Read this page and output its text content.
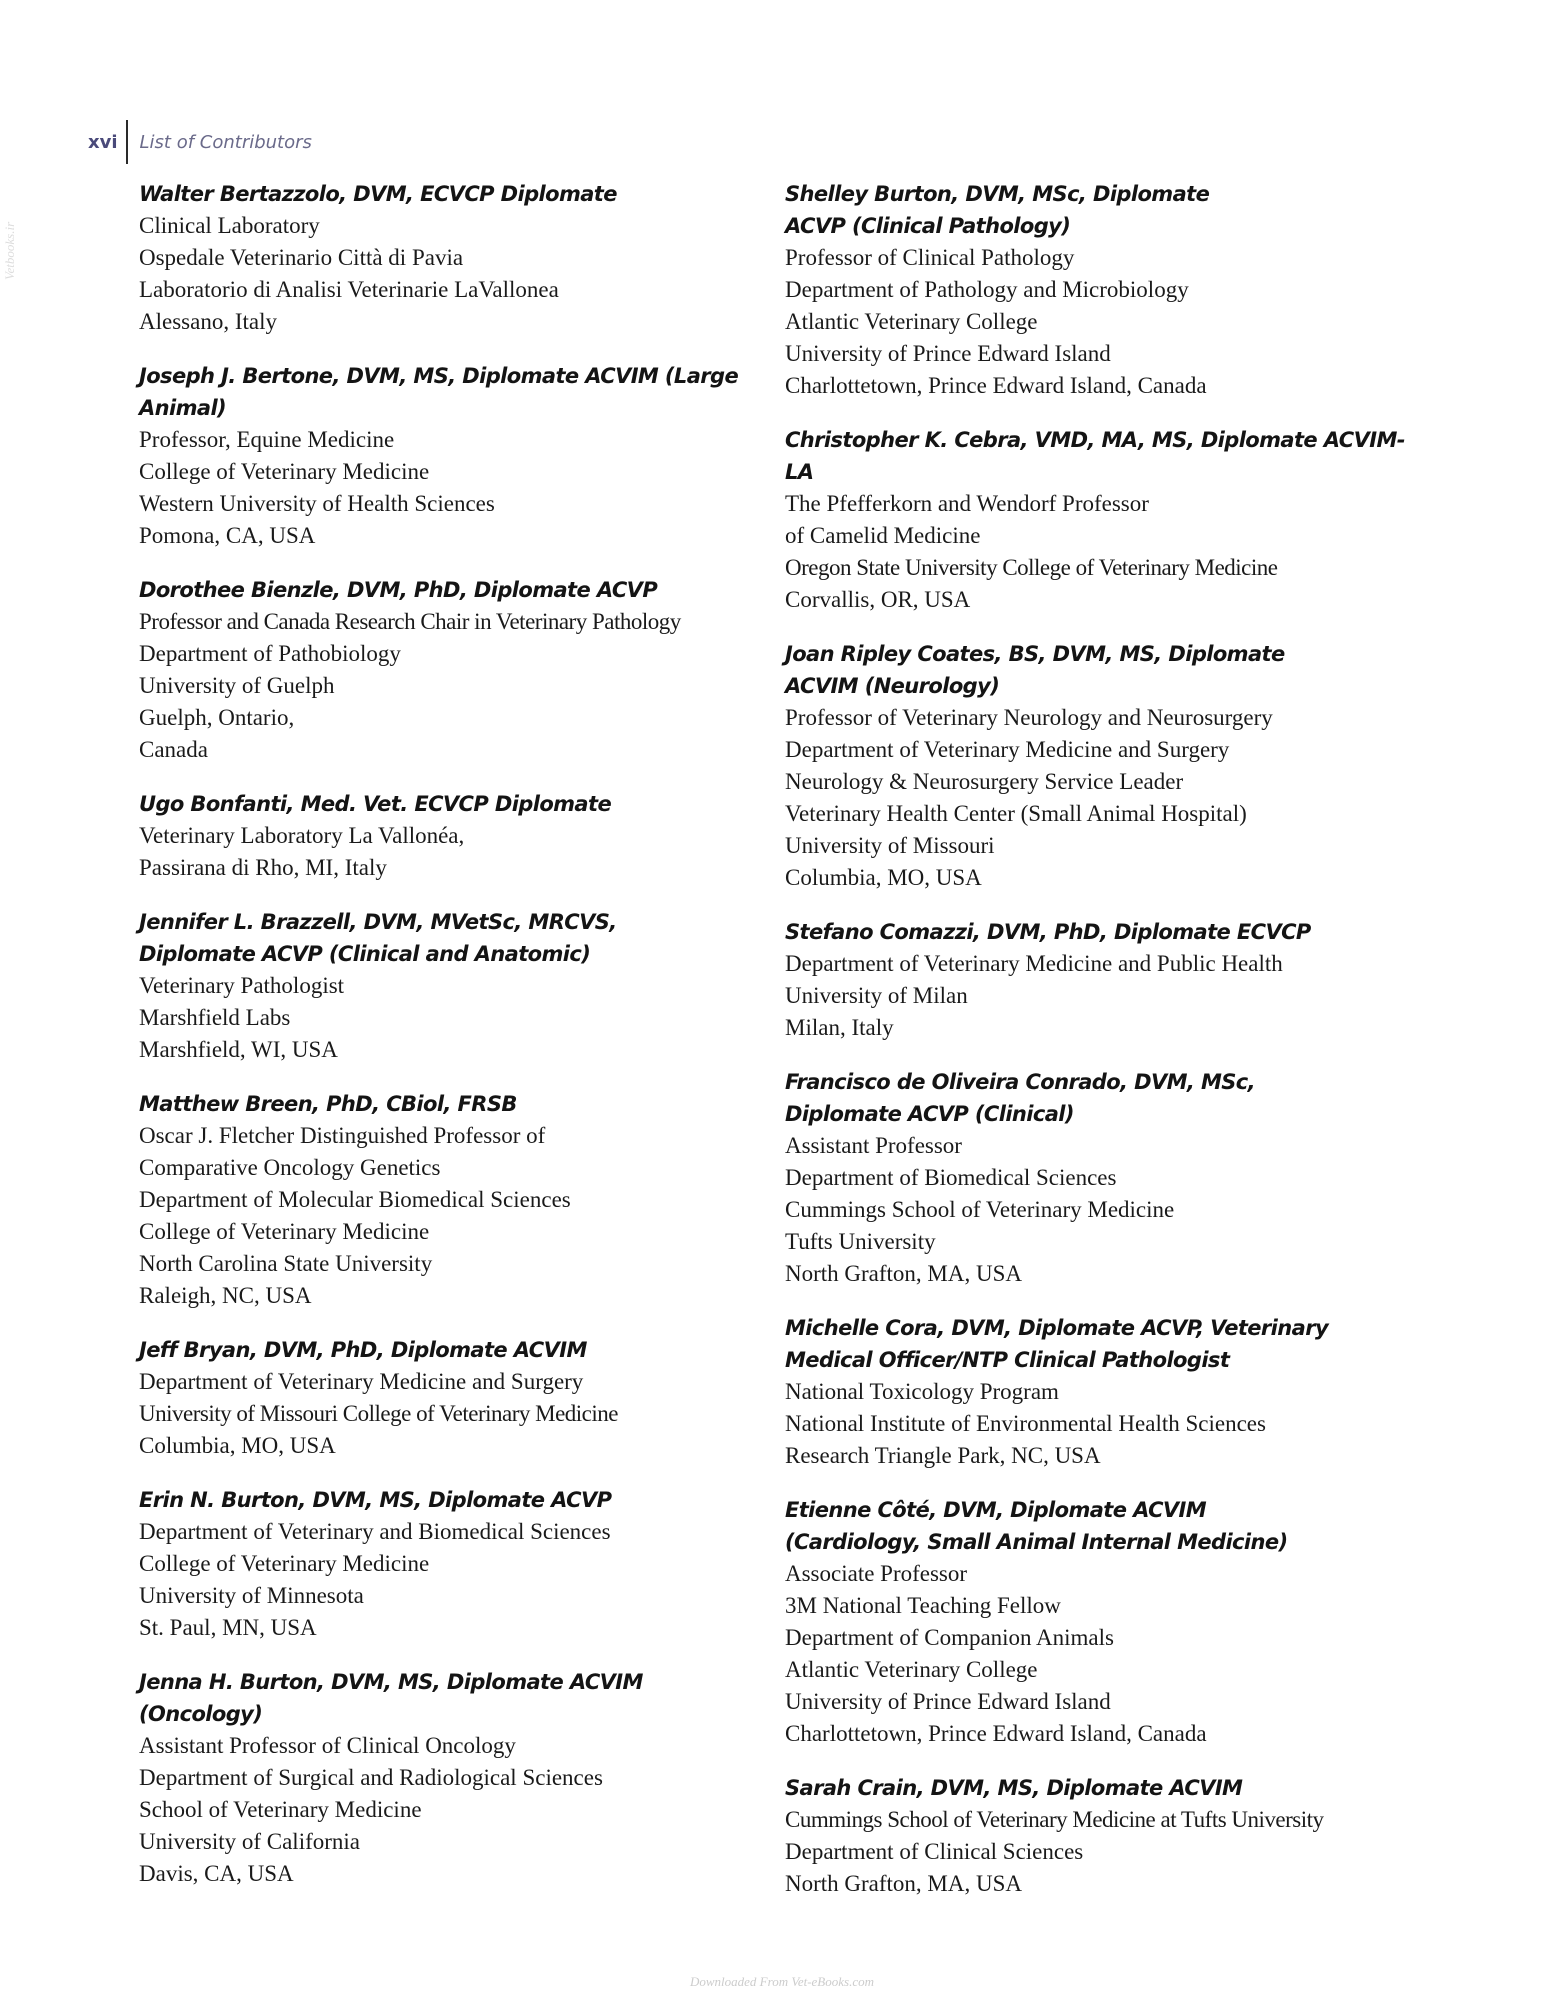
xvi	List of Contributors
Vetbooks.ir
Walter Bertazzolo, DVM, ECVCP Diplomate
Clinical Laboratory
Ospedale Veterinario Città di Pavia
Laboratorio di Analisi Veterinarie LaVallonea
Alessano, Italy
Joseph J. Bertone, DVM, MS, Diplomate ACVIM (Large Animal)
Professor, Equine Medicine
College of Veterinary Medicine
Western University of Health Sciences
Pomona, CA, USA
Dorothee Bienzle, DVM, PhD, Diplomate ACVP
Professor and Canada Research Chair in Veterinary Pathology
Department of Pathobiology
University of Guelph
Guelph, Ontario,
Canada
Ugo Bonfanti, Med. Vet. ECVCP Diplomate
Veterinary Laboratory La Vallonéa,
Passirana di Rho, MI, Italy
Jennifer L. Brazzell, DVM, MVetSc, MRCVS, Diplomate ACVP (Clinical and Anatomic)
Veterinary Pathologist
Marshfield Labs
Marshfield, WI, USA
Matthew Breen, PhD, CBiol, FRSB
Oscar J. Fletcher Distinguished Professor of
Comparative Oncology Genetics
Department of Molecular Biomedical Sciences
College of Veterinary Medicine
North Carolina State University
Raleigh, NC, USA
Jeff Bryan, DVM, PhD, Diplomate ACVIM
Department of Veterinary Medicine and Surgery
University of Missouri College of Veterinary Medicine
Columbia, MO, USA
Erin N. Burton, DVM, MS, Diplomate ACVP
Department of Veterinary and Biomedical Sciences
College of Veterinary Medicine
University of Minnesota
St. Paul, MN, USA
Jenna H. Burton, DVM, MS, Diplomate ACVIM (Oncology)
Assistant Professor of Clinical Oncology
Department of Surgical and Radiological Sciences
School of Veterinary Medicine
University of California
Davis, CA, USA
Shelley Burton, DVM, MSc, Diplomate ACVP (Clinical Pathology)
Professor of Clinical Pathology
Department of Pathology and Microbiology
Atlantic Veterinary College
University of Prince Edward Island
Charlottetown, Prince Edward Island, Canada
Christopher K. Cebra, VMD, MA, MS, Diplomate ACVIM-LA
The Pfefferkorn and Wendorf Professor
of Camelid Medicine
Oregon State University College of Veterinary Medicine
Corvallis, OR, USA
Joan Ripley Coates, BS, DVM, MS, Diplomate ACVIM (Neurology)
Professor of Veterinary Neurology and Neurosurgery
Department of Veterinary Medicine and Surgery
Neurology & Neurosurgery Service Leader
Veterinary Health Center (Small Animal Hospital)
University of Missouri
Columbia, MO, USA
Stefano Comazzi, DVM, PhD, Diplomate ECVCP
Department of Veterinary Medicine and Public Health
University of Milan
Milan, Italy
Francisco de Oliveira Conrado, DVM, MSc, Diplomate ACVP (Clinical)
Assistant Professor
Department of Biomedical Sciences
Cummings School of Veterinary Medicine
Tufts University
North Grafton, MA, USA
Michelle Cora, DVM, Diplomate ACVP, Veterinary Medical Officer/NTP Clinical Pathologist
National Toxicology Program
National Institute of Environmental Health Sciences
Research Triangle Park, NC, USA
Etienne Côté, DVM, Diplomate ACVIM (Cardiology, Small Animal Internal Medicine)
Associate Professor
3M National Teaching Fellow
Department of Companion Animals
Atlantic Veterinary College
University of Prince Edward Island
Charlottetown, Prince Edward Island, Canada
Sarah Crain, DVM, MS, Diplomate ACVIM
Cummings School of Veterinary Medicine at Tufts University
Department of Clinical Sciences
North Grafton, MA, USA
Downloaded From Vet-eBooks.com
